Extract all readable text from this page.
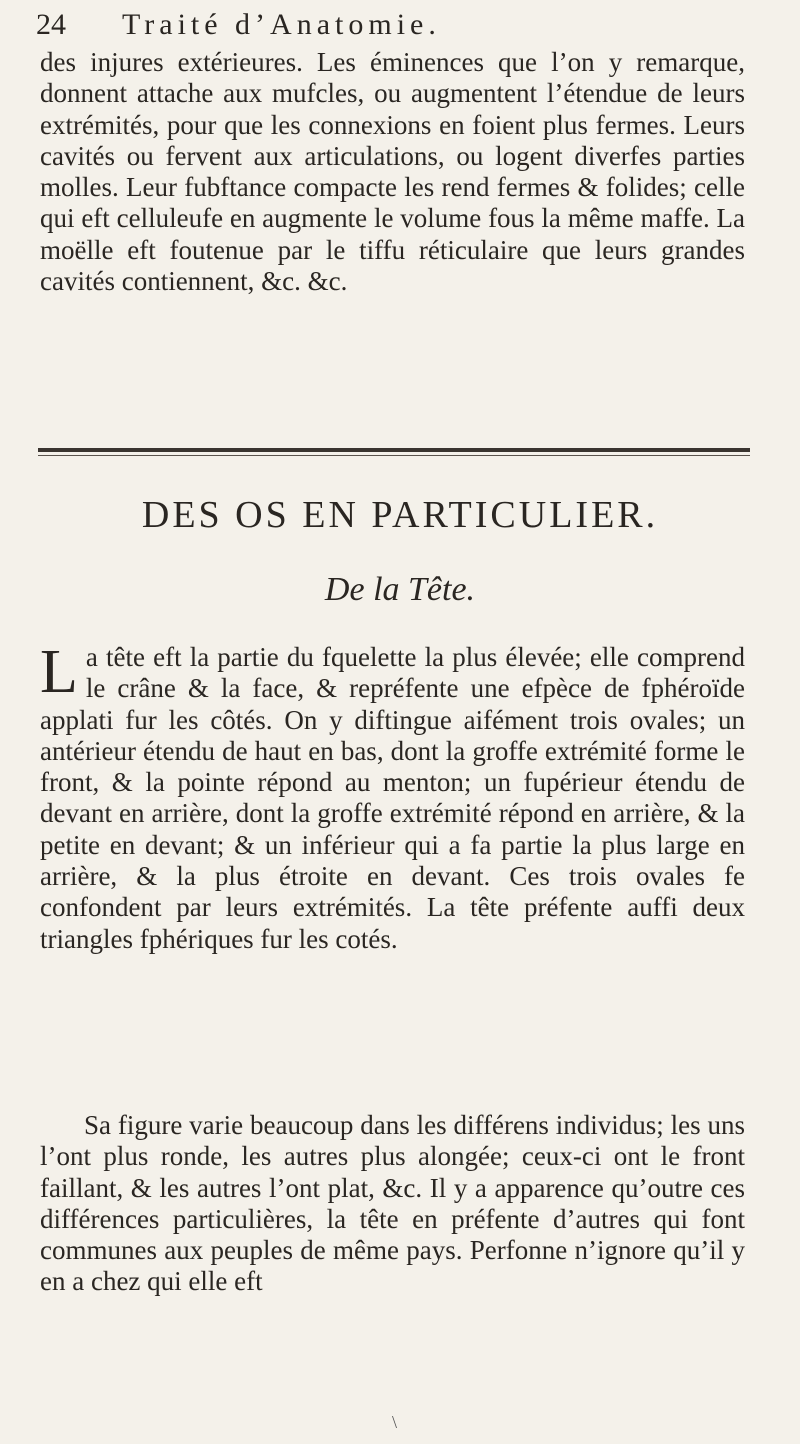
24 Traité d’Anatomie.

des injures extérieures. Les éminences que l’on y remarque, donnent attache aux mufcles, ou augmentent l’étendue de leurs extrémités, pour que les connexions en foient plus fermes. Leurs cavités ou fervent aux articulations, ou logent diverfes parties molles. Leur fubftance compacte les rend fermes & folides; celle qui eft celluleufe en augmente le volume fous la même maffe. La moëlle eft foutenue par le tiffu réticulaire que leurs grandes cavités contiennent, &c. &c.

DES OS EN PARTICULIER.
De la Tête.

La tête eft la partie du fquelette la plus élevée; elle comprend le crâne & la face, & repréfente une efpèce de fphéroïde applati fur les côtés. On y diftingue aifément trois ovales; un antérieur étendu de haut en bas, dont la groffe extrémité forme le front, & la pointe répond au menton; un fupérieur étendu de devant en arrière, dont la groffe extrémité répond en arrière, & la petite en devant; & un inférieur qui a fa partie la plus large en arrière, & la plus étroite en devant. Ces trois ovales fe confondent par leurs extrémités. La tête préfente auffi deux triangles fphériques fur les cotés.

Sa figure varie beaucoup dans les différens individus; les uns l’ont plus ronde, les autres plus alongée; ceux-ci ont le front faillant, & les autres l’ont plat, &c. Il y a apparence qu’outre ces différences particulières, la tête en préfente d’autres qui font communes aux peuples de même pays. Perfonne n’ignore qu’il y en a chez qui elle eft

\
